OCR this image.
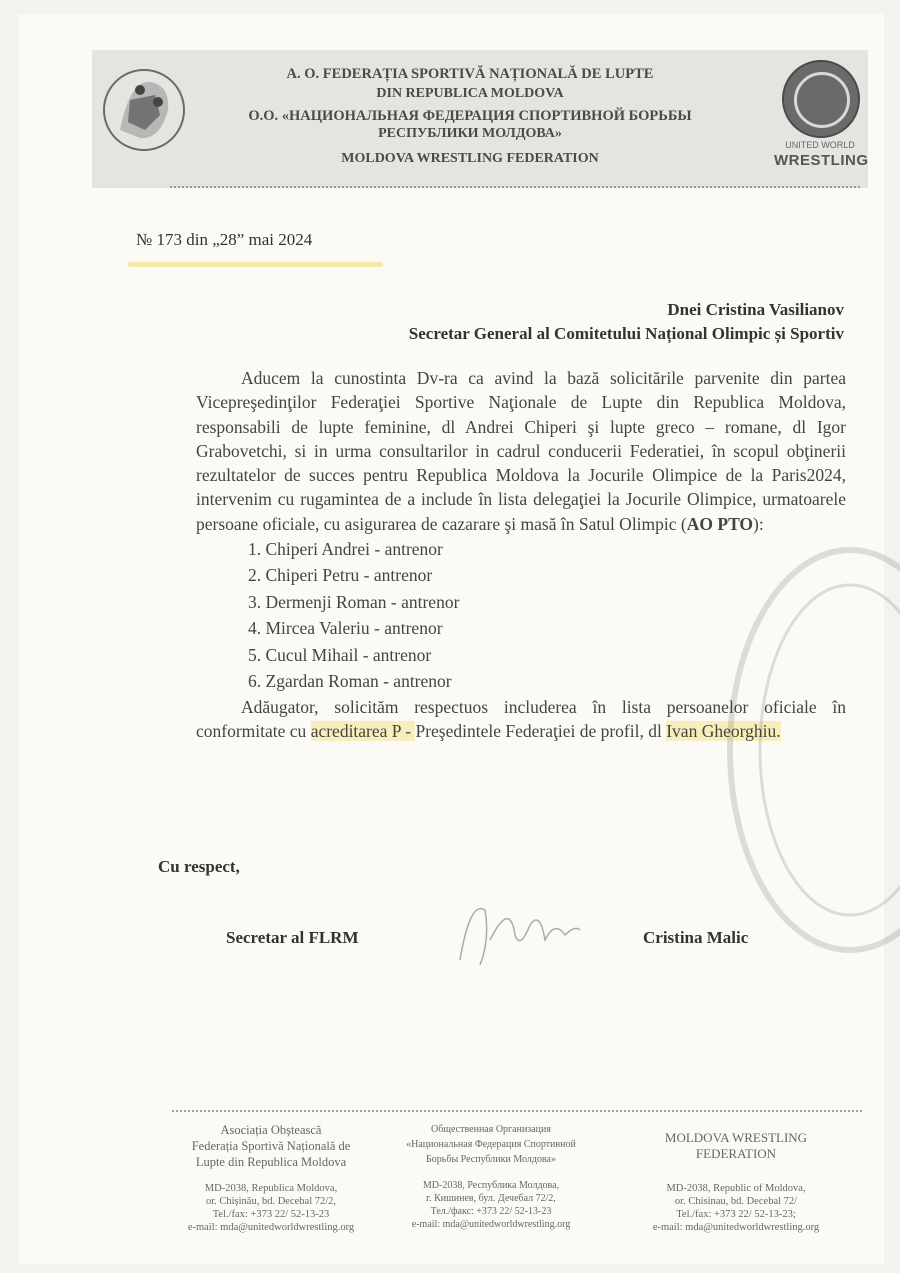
A. O. FEDERAȚIA SPORTIVĂ NAȚIONALĂ DE LUPTE
DIN REPUBLICA MOLDOVA
О.О. «НАЦИОНАЛЬНАЯ ФЕДЕРАЦИЯ СПОРТИВНОЙ БОРЬБЫ
РЕСПУБЛИКИ МОЛДОВА»
MOLDOVA WRESTLING FEDERATION
UNITED WORLD
WRESTLING
№ 173 din „28” mai 2024
Dnei Cristina Vasilianov
Secretar General al Comitetului Național Olimpic și Sportiv

Aducem la cunostinta Dv-ra ca avind la bază solicitările parvenite din partea Vicepreşedinţilor Federaţiei Sportive Naţionale de Lupte din Republica Moldova, responsabili de lupte feminine, dl Andrei Chiperi şi lupte greco – romane, dl Igor Grabovetchi, si in urma consultarilor in cadrul conducerii Federatiei, în scopul obţinerii rezultatelor de succes pentru Republica Moldova la Jocurile Olimpice de la Paris2024, intervenim cu rugamintea de a include în lista delegaţiei la Jocurile Olimpice, urmatoarele persoane oficiale, cu asigurarea de cazarare şi masă în Satul Olimpic (AO PTO):

1. Chiperi Andrei - antrenor
2. Chiperi Petru - antrenor
3. Dermenji Roman - antrenor
4. Mircea Valeriu - antrenor
5. Cucul Mihail - antrenor
6. Zgardan Roman - antrenor

Adăugator, solicităm respectuos includerea în lista persoanelor oficiale în conformitate cu acreditarea P - Preşedintele Federaţiei de profil, dl Ivan Gheorghiu.

Cu respect,
Secretar al FLRM	Cristina Malic
Asociația Obștească
Federația Sportivă Națională de
Lupte din Republica Moldova
MD-2038, Republica Moldova,
or. Chișinău, bd. Decebal 72/2,
Tel./fax: +373 22/ 52-13-23
e-mail: mda@unitedworldwrestling.org
Общественная Организация
«Национальная Федерация Спортивной
Борьбы Республики Молдова»
MD-2038, Республика Молдова,
г. Кишинев, бул. Дечебал 72/2,
Тел./факс: +373 22/ 52-13-23
e-mail: mda@unitedworldwrestling.org
MOLDOVA WRESTLING
FEDERATION
MD-2038, Republic of Moldova,
or. Chisinau, bd. Decebal 72/
Tel./fax: +373 22/ 52-13-23;
e-mail: mda@unitedworldwrestling.org
